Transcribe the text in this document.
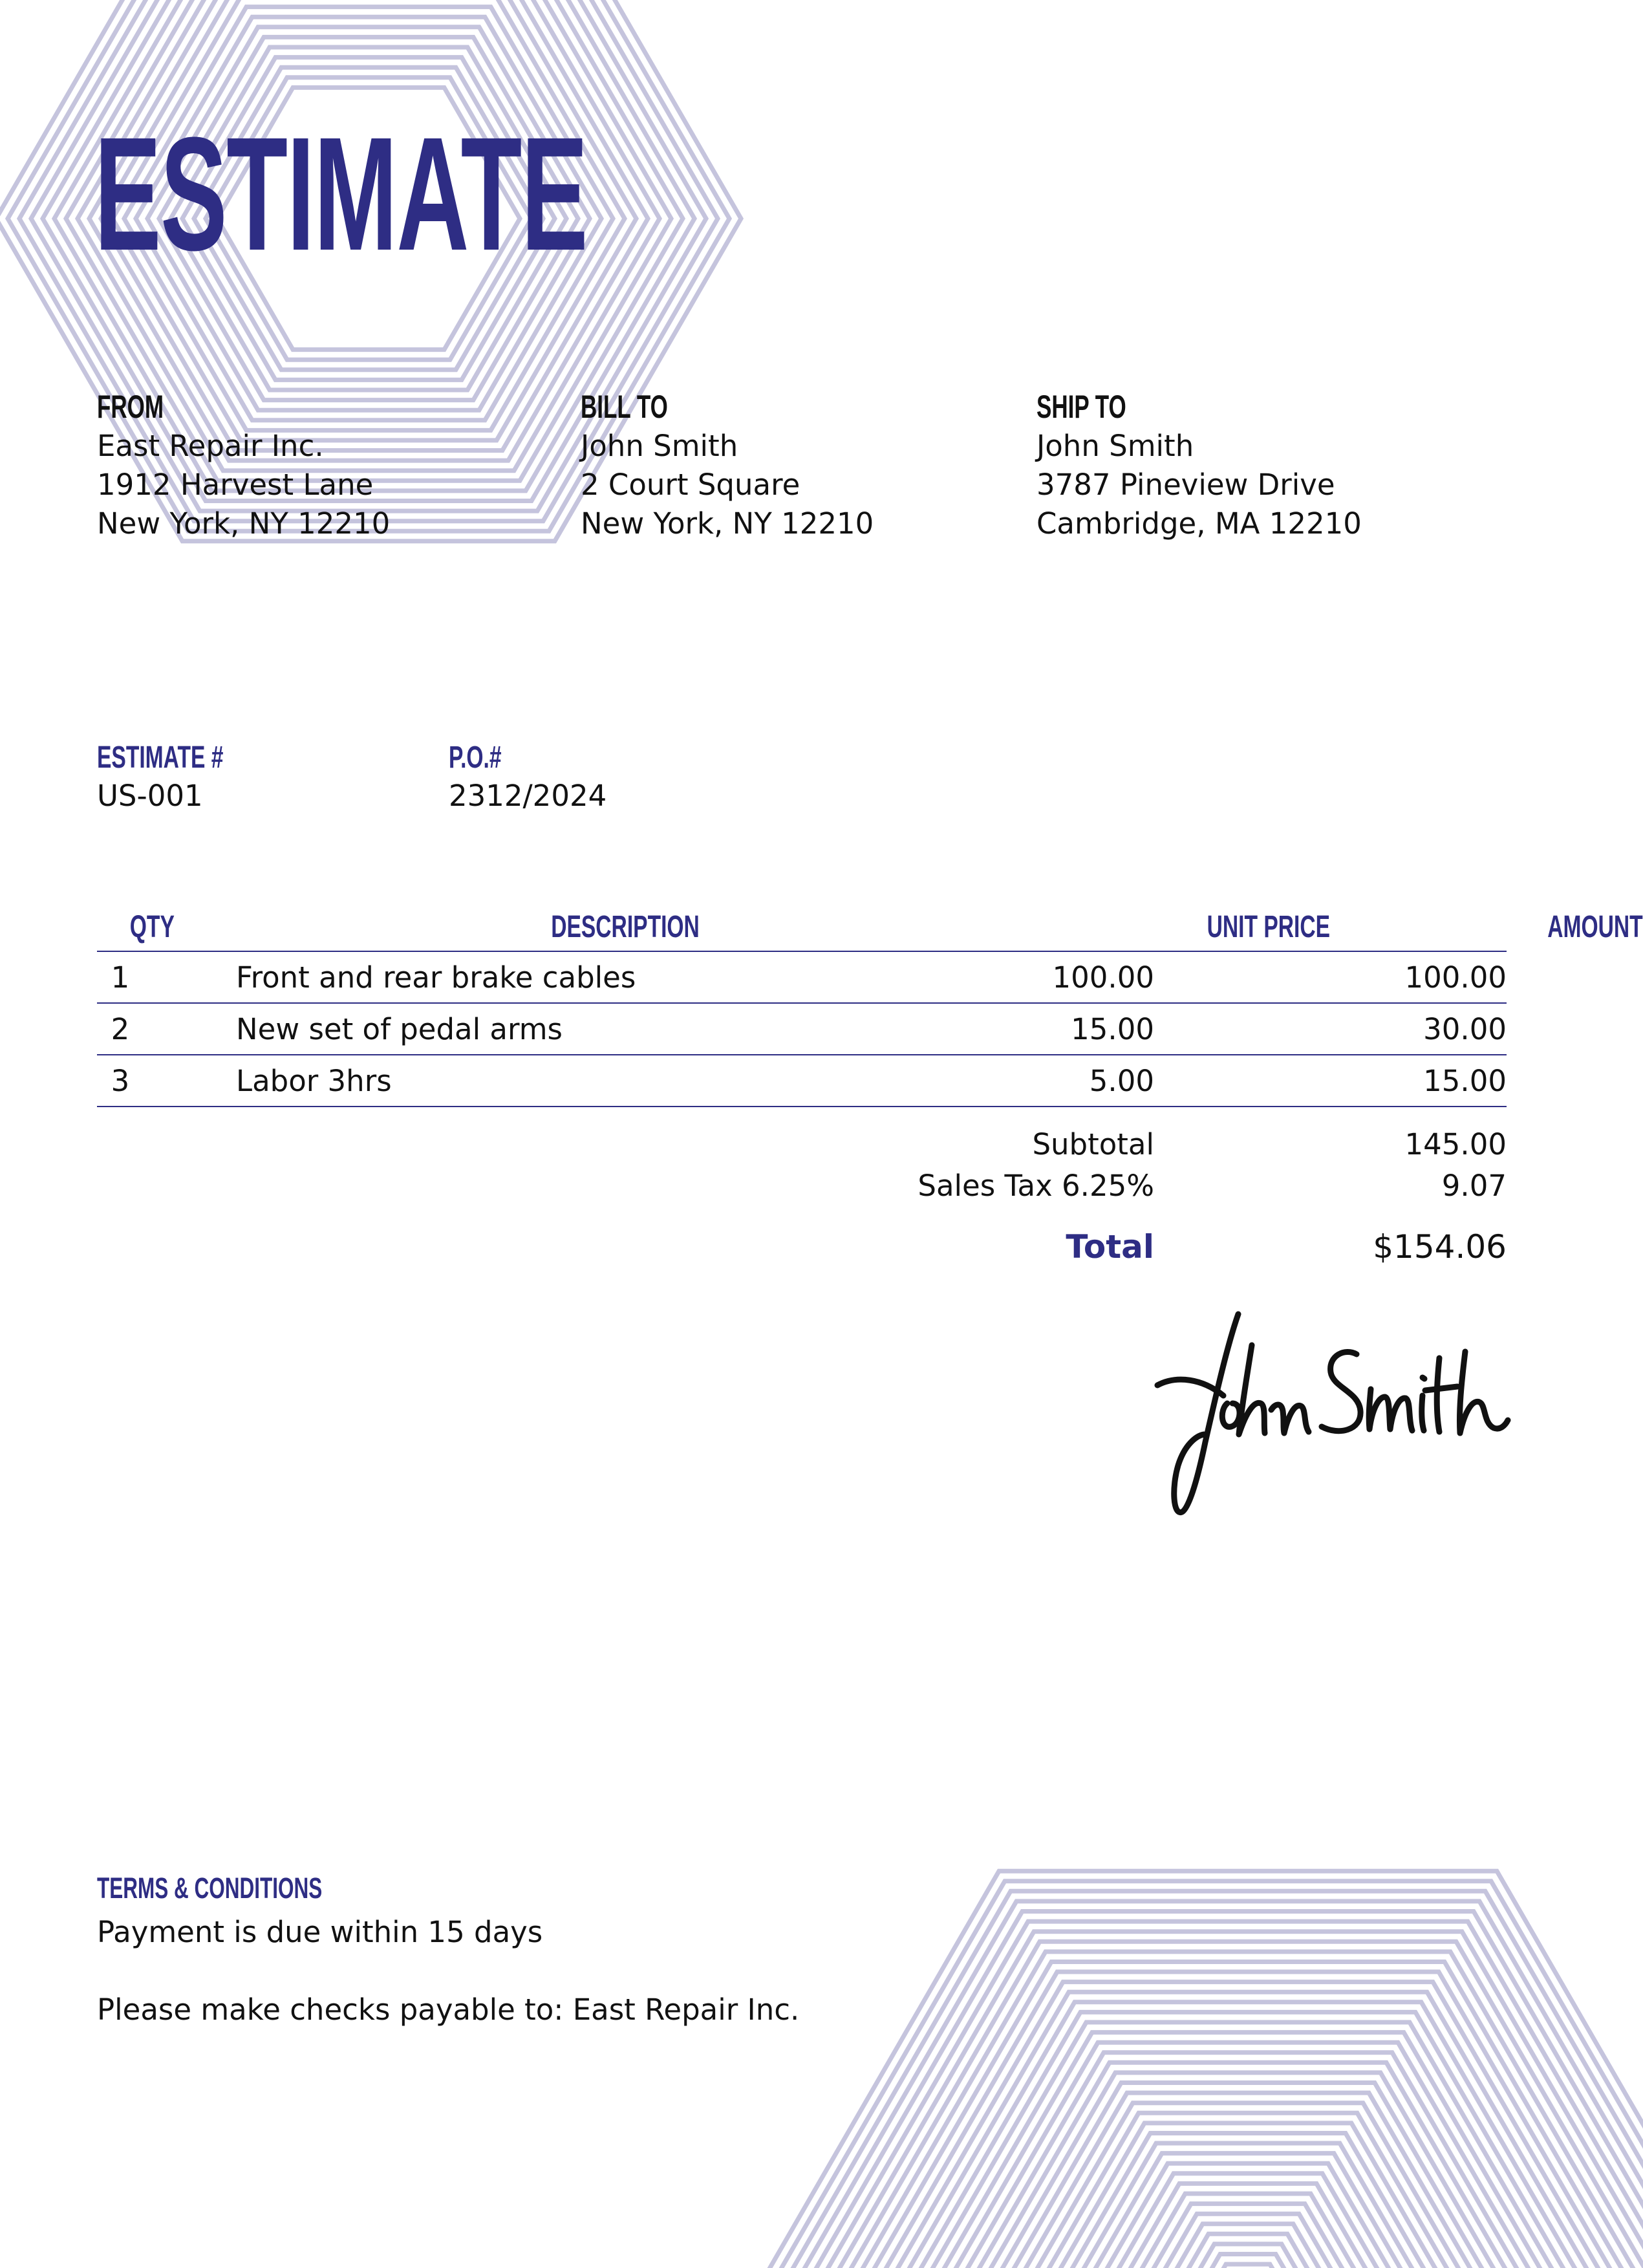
ESTIMATE
FROM
East Repair Inc.
1912 Harvest Lane
New York, NY 12210
BILL TO
John Smith
2 Court Square
New York, NY 12210
SHIP TO
John Smith
3787 Pineview Drive
Cambridge, MA 12210
ESTIMATE #
US-001
P.O.#
2312/2024
QTY	DESCRIPTION	UNIT PRICE	AMOUNT
1	Front and rear brake cables	100.00	100.00
2	New set of pedal arms	15.00	30.00
3	Labor 3hrs	5.00	15.00
Subtotal	145.00
Sales Tax 6.25%	9.07
Total	$154.06
TERMS & CONDITIONS
Payment is due within 15 days
Please make checks payable to: East Repair Inc.
